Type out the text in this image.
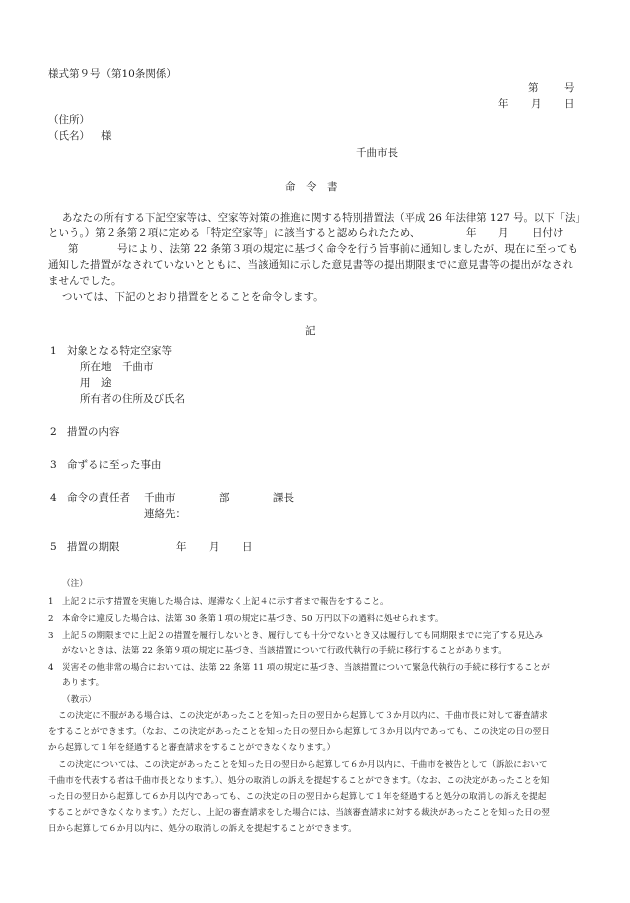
様式第９号（第10条関係）
第 号
年 月 日
（住所）
（氏名） 様
千曲市長
命　令　書
あなたの所有する下記空家等は、空家等対策の推進に関する特別措置法（平成 26 年法律第 127 号。以下「法」
という。）第２条第２項に定める「特定空家等」に該当すると認められたため、	年 月 日付け
第	号により、法第 22 条第３項の規定に基づく命令を行う旨事前に通知しましたが、現在に至っても
通知した措置がなされていないとともに、当該通知に示した意見書等の提出期限までに意見書等の提出がなされ
ませんでした。
ついては、下記のとおり措置をとることを命令します。
記
1 対象となる特定空家等
所在地　千曲市
用　途
所有者の住所及び氏名
2 措置の内容
3 命ずるに至った事由
4 命令の責任者 千曲市	部	課長
連絡先：
5 措置の期限	年 月 日
（注）
1　上記２に示す措置を実施した場合は、遅滞なく上記４に示す者まで報告をすること。
2　本命令に違反した場合は、法第 30 条第１項の規定に基づき、50 万円以下の過料に処せられます。
3　上記５の期限までに上記２の措置を履行しないとき、履行しても十分でないとき又は履行しても同期限までに完了する見込み
がないときは、法第 22 条第９項の規定に基づき、当該措置について行政代執行の手続に移行することがあります。
4　災害その他非常の場合においては、法第 22 条第 11 項の規定に基づき、当該措置について緊急代執行の手続に移行することが
あります。
（教示）
この決定に不服がある場合は、この決定があったことを知った日の翌日から起算して３か月以内に、千曲市長に対して審査請求
をすることができます。（なお、この決定があったことを知った日の翌日から起算して３か月以内であっても、この決定の日の翌日
から起算して１年を経過すると審査請求をすることができなくなります。）
この決定については、この決定があったことを知った日の翌日から起算して６か月以内に、千曲市を被告として（訴訟において
千曲市を代表する者は千曲市長となります。）、処分の取消しの訴えを提起することができます。（なお、この決定があったことを知
った日の翌日から起算して６か月以内であっても、この決定の日の翌日から起算して１年を経過すると処分の取消しの訴えを提起
することができなくなります。）ただし、上記の審査請求をした場合には、当該審査請求に対する裁決があったことを知った日の翌
日から起算して６か月以内に、処分の取消しの訴えを提起することができます。
